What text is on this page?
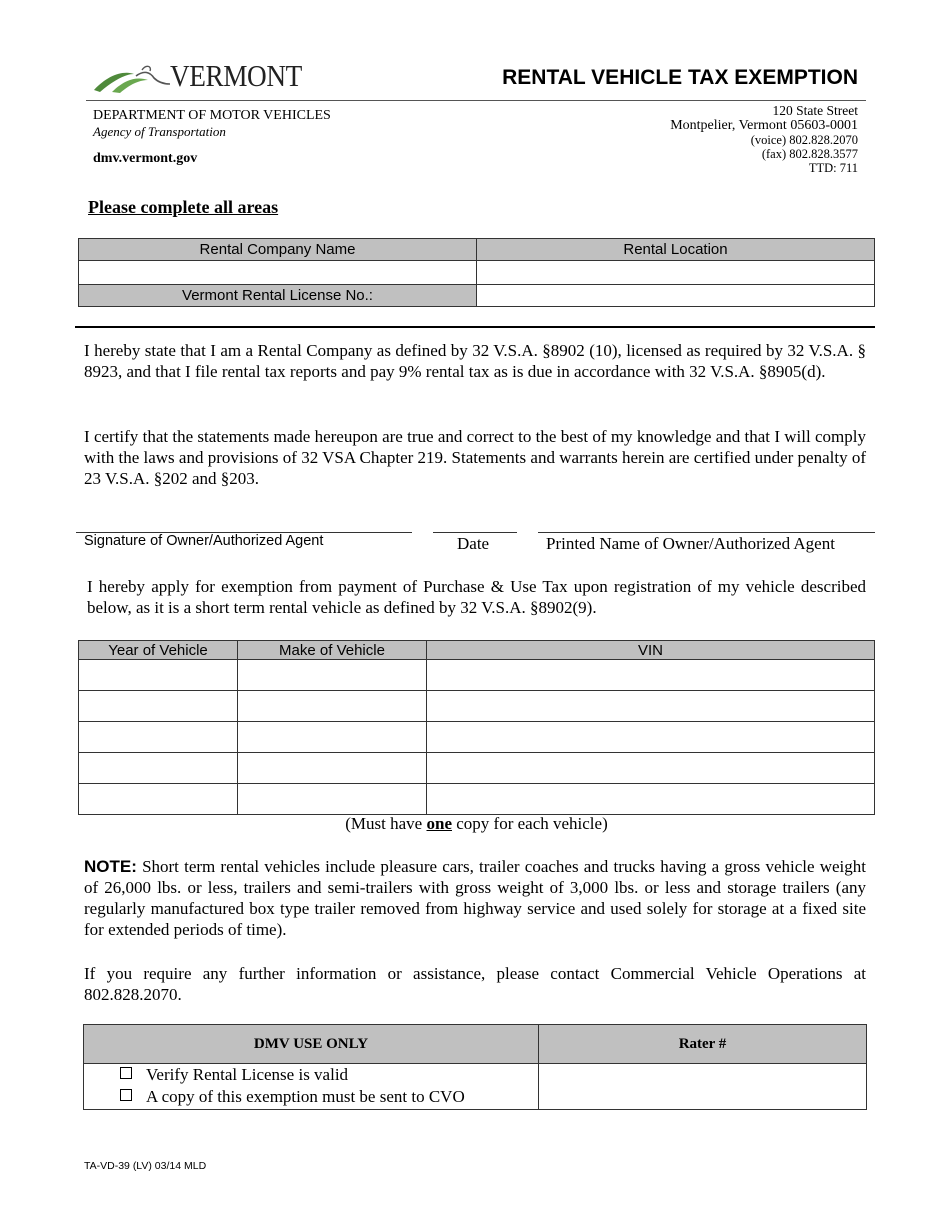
VERMONT	RENTAL VEHICLE TAX EXEMPTION
DEPARTMENT OF MOTOR VEHICLES
Agency of Transportation
dmv.vermont.gov
120 State Street
Montpelier, Vermont 05603-0001
(voice) 802.828.2070
(fax) 802.828.3577
TTD: 711
Please complete all areas
Rental Company Name	Rental Location

Vermont Rental License No.:	
I hereby state that I am a Rental Company as defined by 32 V.S.A. §8902 (10), licensed as required by 32 V.S.A. § 8923, and that I file rental tax reports and pay 9% rental tax as is due in accordance with 32 V.S.A. §8905(d).
I certify that the statements made hereupon are true and correct to the best of my knowledge and that I will comply with the laws and provisions of 32 VSA Chapter 219. Statements and warrants herein are certified under penalty of 23 V.S.A. §202 and §203.
Signature of Owner/Authorized Agent	Date	Printed Name of Owner/Authorized Agent
I hereby apply for exemption from payment of Purchase & Use Tax upon registration of my vehicle described below, as it is a short term rental vehicle as defined by 32 V.S.A. §8902(9).
Year of Vehicle	Make of Vehicle	VIN

(Must have one copy for each vehicle)
NOTE: Short term rental vehicles include pleasure cars, trailer coaches and trucks having a gross vehicle weight of 26,000 lbs. or less, trailers and semi-trailers with gross weight of 3,000 lbs. or less and storage trailers (any regularly manufactured box type trailer removed from highway service and used solely for storage at a fixed site for extended periods of time).
If you require any further information or assistance, please contact Commercial Vehicle Operations at 802.828.2070.
DMV USE ONLY	Rater #

Verify Rental License is valid
A copy of this exemption must be sent to CVO	

TA-VD-39 (LV) 03/14 MLD
